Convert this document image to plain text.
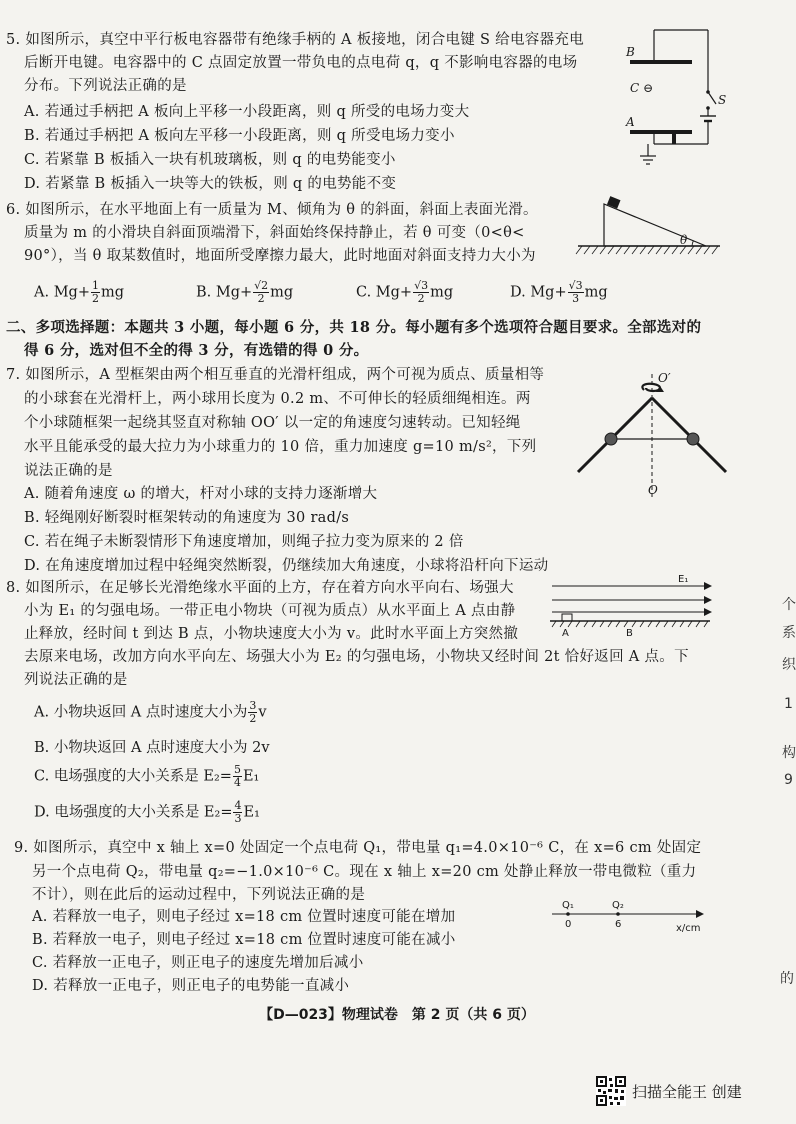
5. 如图所示，真空中平行板电容器带有绝缘手柄的 A 板接地，闭合电键 S 给电容器充电
后断开电键。电容器中的 C 点固定放置一带负电的点电荷 q，q 不影响电容器的电场
分布。下列说法正确的是
A. 若通过手柄把 A 板向上平移一小段距离，则 q 所受的电场力变大
B. 若通过手柄把 A 板向左平移一小段距离，则 q 所受电场力变小
C. 若紧靠 B 板插入一块有机玻璃板，则 q 的电势能变小
D. 若紧靠 B 板插入一块等大的铁板，则 q 的电势能不变
B
S
C ⊖
A
6. 如图所示，在水平地面上有一质量为 M、倾角为 θ 的斜面，斜面上表面光滑。
质量为 m 的小滑块自斜面顶端滑下，斜面始终保持静止，若 θ 可变（0<θ<
90°），当 θ 取某数值时，地面所受摩擦力最大，此时地面对斜面支持力大小为
A. $Mg+ \frac{1}{2}$ mg	B. $Mg+ \frac{√2}{2}$ mg	C. $Mg+ \frac{√3}{2}$ mg	D. $Mg+ \frac{√3}{3}$ mg
θ
二、多项选择题：本题共 3 小题，每小题 6 分，共 18 分。每小题有多个选项符合题目要求。全部选对的
得 6 分，选对但不全的得 3 分，有选错的得 0 分。
7. 如图所示，A 型框架由两个相互垂直的光滑杆组成，两个可视为质点、质量相等
的小球套在光滑杆上，两小球用长度为 0.2 m、不可伸长的轻质细绳相连。两
个小球随框架一起绕其竖直对称轴 OO′ 以一定的角速度匀速转动。已知轻绳
水平且能承受的最大拉力为小球重力的 10 倍，重力加速度 g=10 m/s²，下列
说法正确的是
A. 随着角速度 ω 的增大，杆对小球的支持力逐渐增大
B. 轻绳刚好断裂时框架转动的角速度为 30 rad/s
C. 若在绳子未断裂情形下角速度增加，则绳子拉力变为原来的 2 倍
D. 在角速度增加过程中轻绳突然断裂，仍继续加大角速度，小球将沿杆向下运动
O′
O
8. 如图所示，在足够长光滑绝缘水平面的上方，存在着方向水平向右、场强大
小为 E₁ 的匀强电场。一带正电小物块（可视为质点）从水平面上 A 点由静
止释放，经时间 t 到达 B 点，小物块速度大小为 v。此时水平面上方突然撤
去原来电场，改加方向水平向左、场强大小为 E₂ 的匀强电场，小物块又经时间 2t 恰好返回 A 点。下
列说法正确的是
A. 小物块返回 A 点时速度大小为 $\frac{3}{2}$ v
B. 小物块返回 A 点时速度大小为 2v
C. 电场强度的大小关系是 $E_2= \frac{5}{4} E_1$
D. 电场强度的大小关系是 $E_2= \frac{4}{3} E_1$
E₁
A	B
9. 如图所示，真空中 x 轴上 x=0 处固定一个点电荷 Q₁，带电量 q₁=4.0×10⁻⁶ C，在 x=6 cm 处固定
另一个点电荷 Q₂，带电量 q₂=−1.0×10⁻⁶ C。现在 x 轴上 x=20 cm 处静止释放一带电微粒（重力
不计），则在此后的运动过程中，下列说法正确的是
A. 若释放一电子，则电子经过 x=18 cm 位置时速度可能在增加
B. 若释放一电子，则电子经过 x=18 cm 位置时速度可能在减小
C. 若释放一正电子，则正电子的速度先增加后减小
D. 若释放一正电子，则正电子的电势能一直减小
Q₁	Q₂
0	6	x/cm
个
系
织
1
构
9
的
【D—023】物理试卷　第 2 页（共 6 页）
扫描全能王 创建
